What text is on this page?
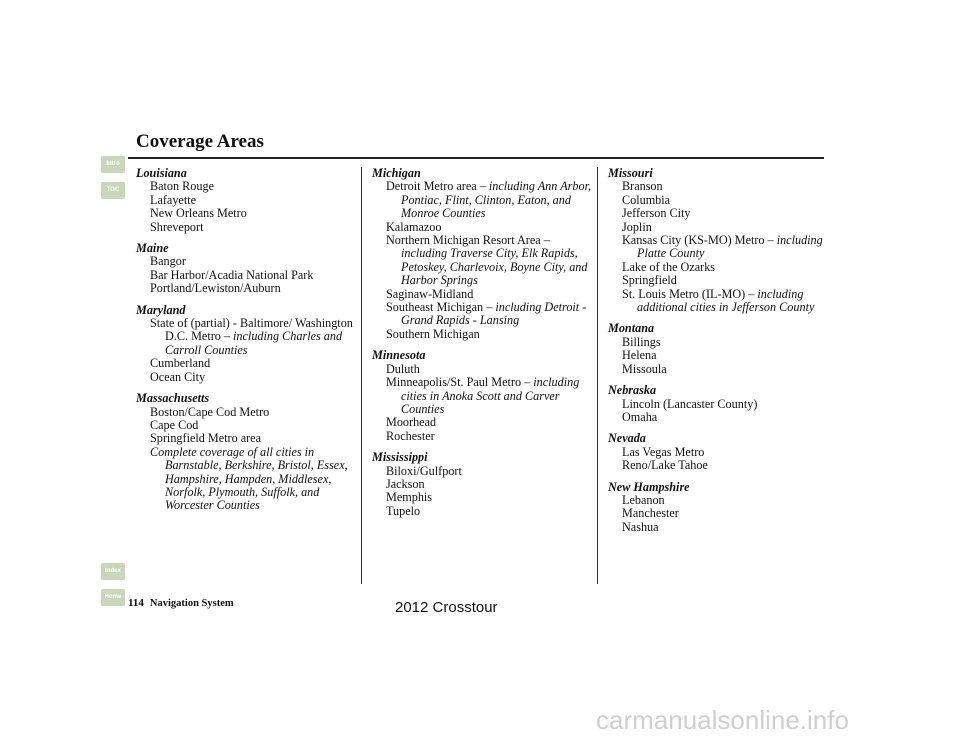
Coverage Areas
Intro
TOC
Index
Home
Louisiana
Baton Rouge
Lafayette
New Orleans Metro
Shreveport
Maine
Bangor
Bar Harbor/Acadia National Park
Portland/Lewiston/Auburn
Maryland
State of (partial) - Baltimore/ Washington D.C. Metro – including Charles and Carroll Counties
Cumberland
Ocean City
Massachusetts
Boston/Cape Cod Metro
Cape Cod
Springfield Metro area
Complete coverage of all cities in Barnstable, Berkshire, Bristol, Essex, Hampshire, Hampden, Middlesex, Norfolk, Plymouth, Suffolk, and Worcester Counties
Michigan
Detroit Metro area – including Ann Arbor, Pontiac, Flint, Clinton, Eaton, and Monroe Counties
Kalamazoo
Northern Michigan Resort Area – including Traverse City, Elk Rapids, Petoskey, Charlevoix, Boyne City, and Harbor Springs
Saginaw-Midland
Southeast Michigan – including Detroit - Grand Rapids - Lansing
Southern Michigan
Minnesota
Duluth
Minneapolis/St. Paul Metro – including cities in Anoka Scott and Carver Counties
Moorhead
Rochester
Mississippi
Biloxi/Gulfport
Jackson
Memphis
Tupelo
Missouri
Branson
Columbia
Jefferson City
Joplin
Kansas City (KS-MO) Metro – including Platte County
Lake of the Ozarks
Springfield
St. Louis Metro (IL-MO) – including additional cities in Jefferson County
Montana
Billings
Helena
Missoula
Nebraska
Lincoln (Lancaster County)
Omaha
Nevada
Las Vegas Metro
Reno/Lake Tahoe
New Hampshire
Lebanon
Manchester
Nashua
114 Navigation System	2012 Crosstour
carmanualsonline.info
